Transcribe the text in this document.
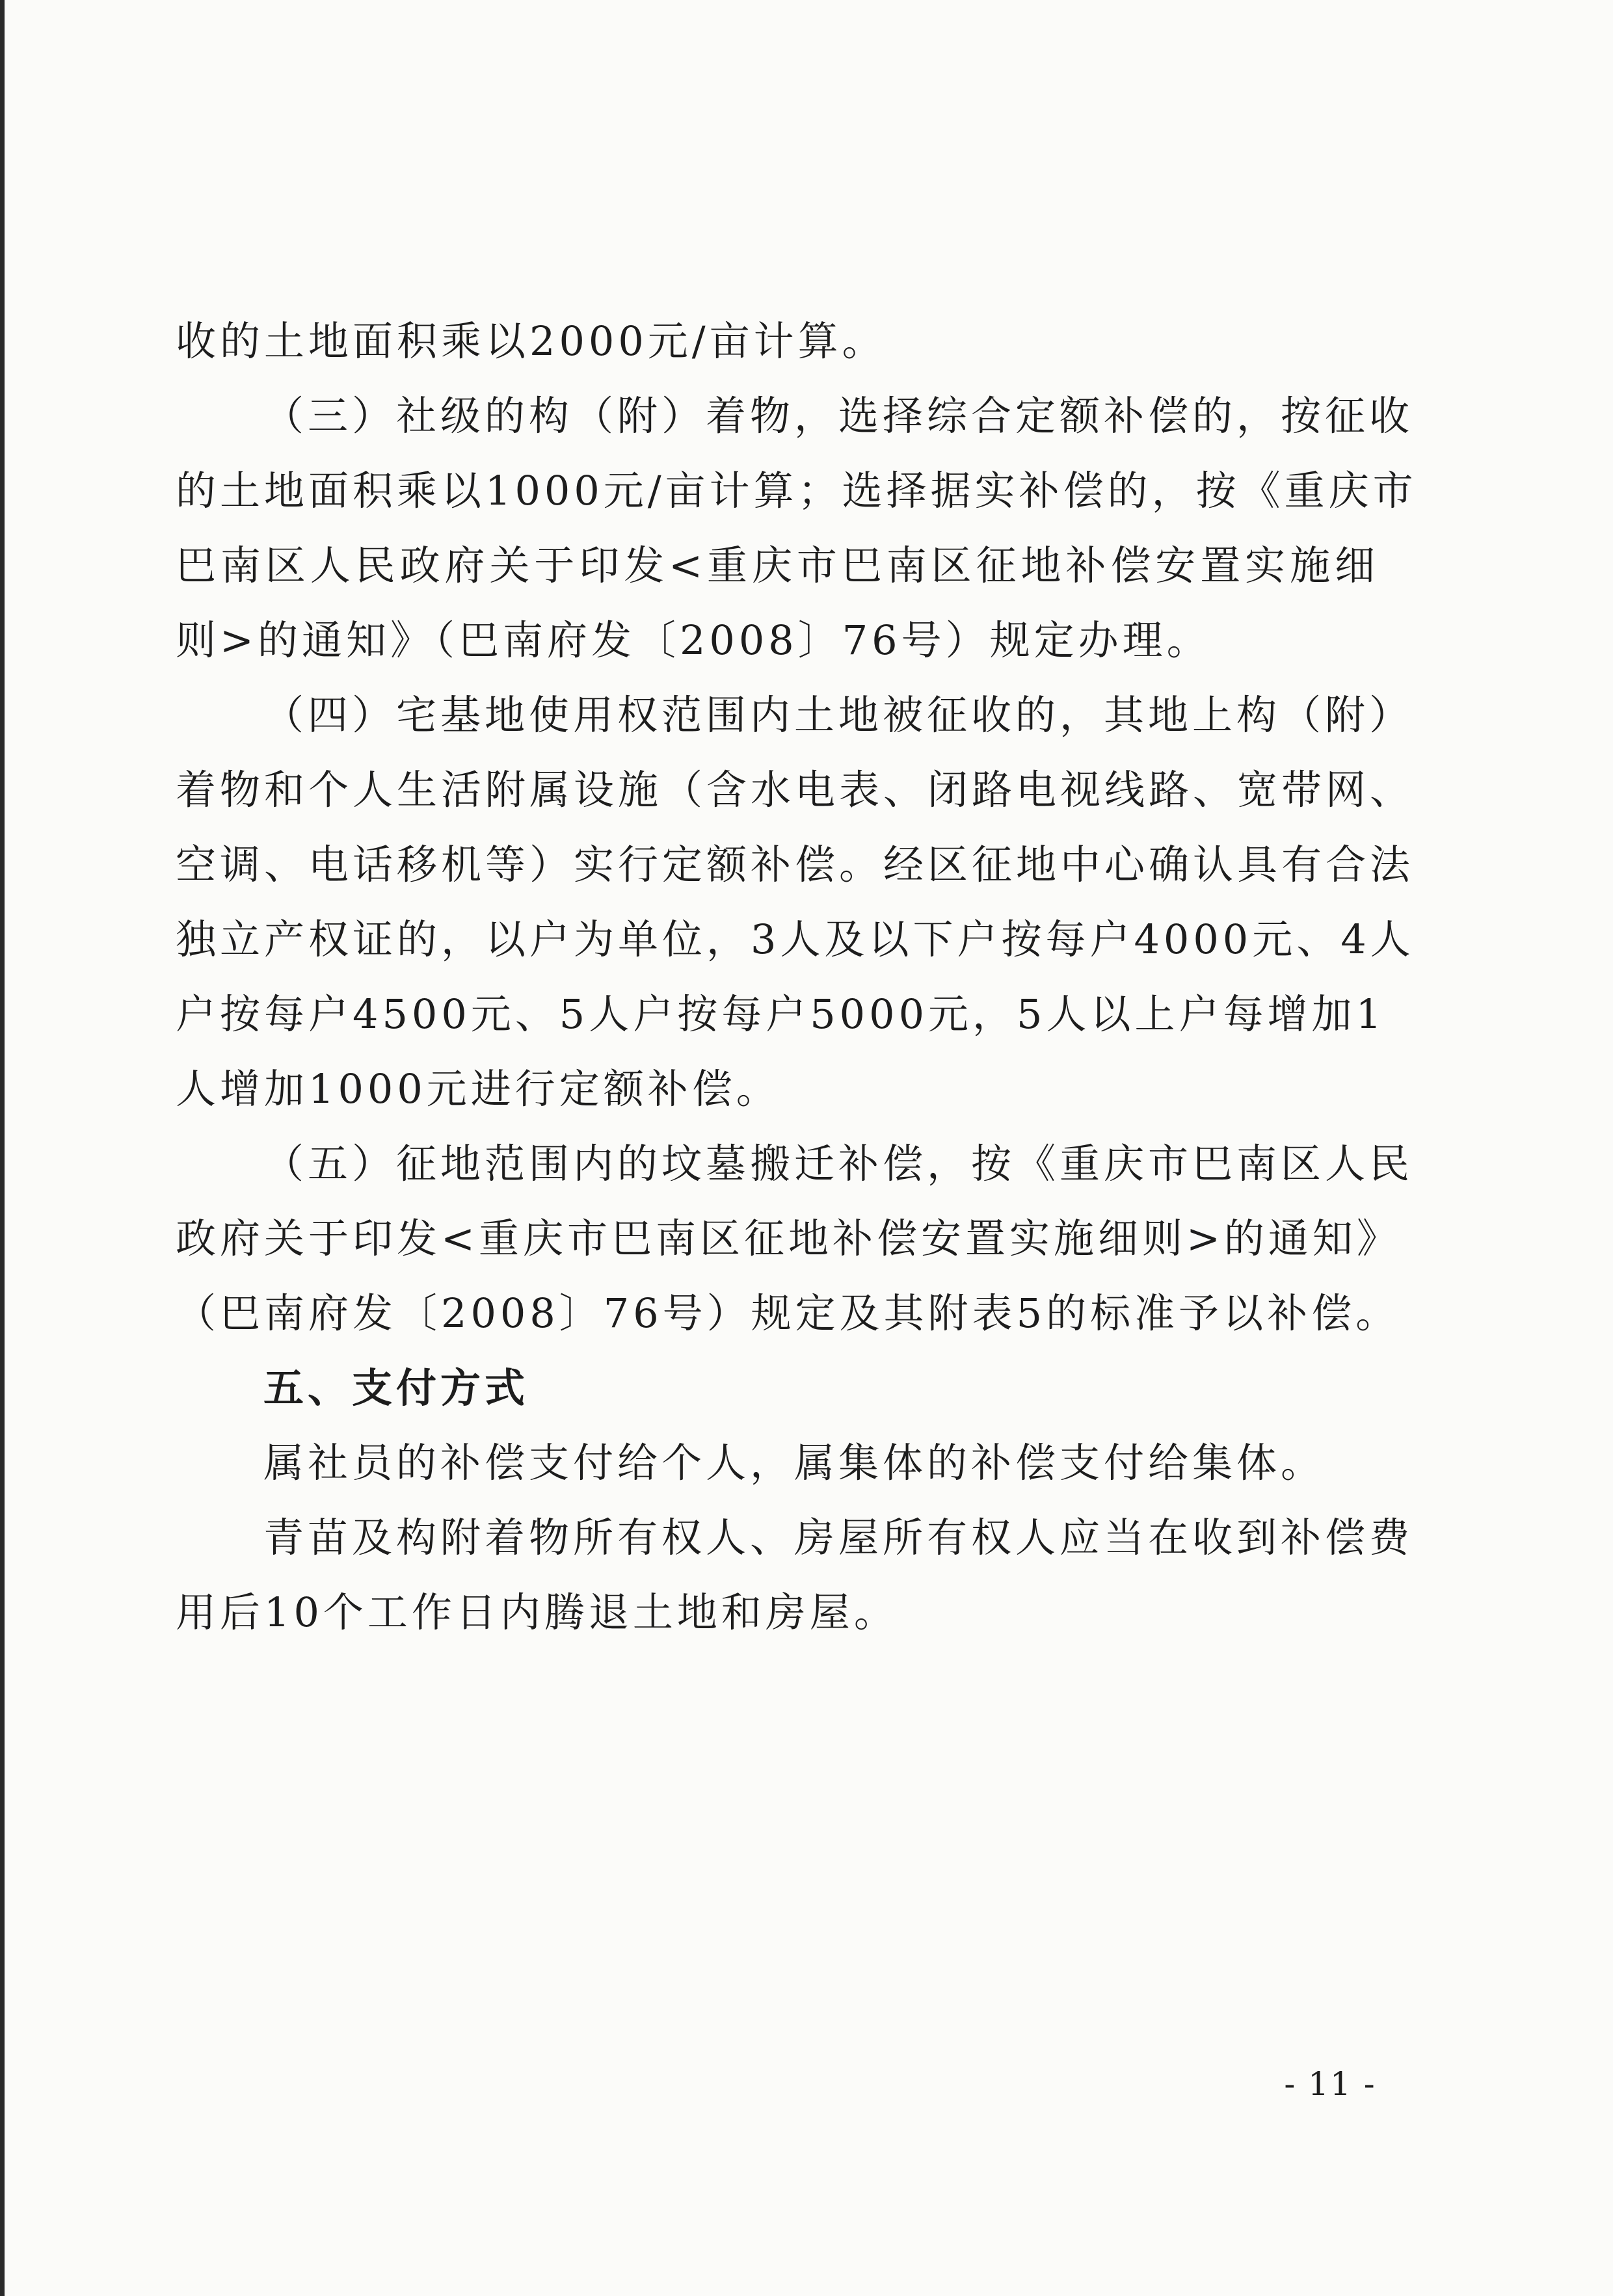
收的土地面积乘以2000元/亩计算。
（三）社级的构（附）着物，选择综合定额补偿的，按征收
的土地面积乘以1000元/亩计算；选择据实补偿的，按《重庆市
巴南区人民政府关于印发<重庆市巴南区征地补偿安置实施细
则>的通知》（巴南府发〔2008〕76号）规定办理。
（四）宅基地使用权范围内土地被征收的，其地上构（附）
着物和个人生活附属设施（含水电表、闭路电视线路、宽带网、
空调、电话移机等）实行定额补偿。经区征地中心确认具有合法
独立产权证的，以户为单位，3人及以下户按每户4000元、4人
户按每户4500元、5人户按每户5000元，5人以上户每增加1
人增加1000元进行定额补偿。
（五）征地范围内的坟墓搬迁补偿，按《重庆市巴南区人民
政府关于印发<重庆市巴南区征地补偿安置实施细则>的通知》
（巴南府发〔2008〕76号）规定及其附表5的标准予以补偿。
五、支付方式
属社员的补偿支付给个人，属集体的补偿支付给集体。
青苗及构附着物所有权人、房屋所有权人应当在收到补偿费
用后10个工作日内腾退土地和房屋。
- 11 -
